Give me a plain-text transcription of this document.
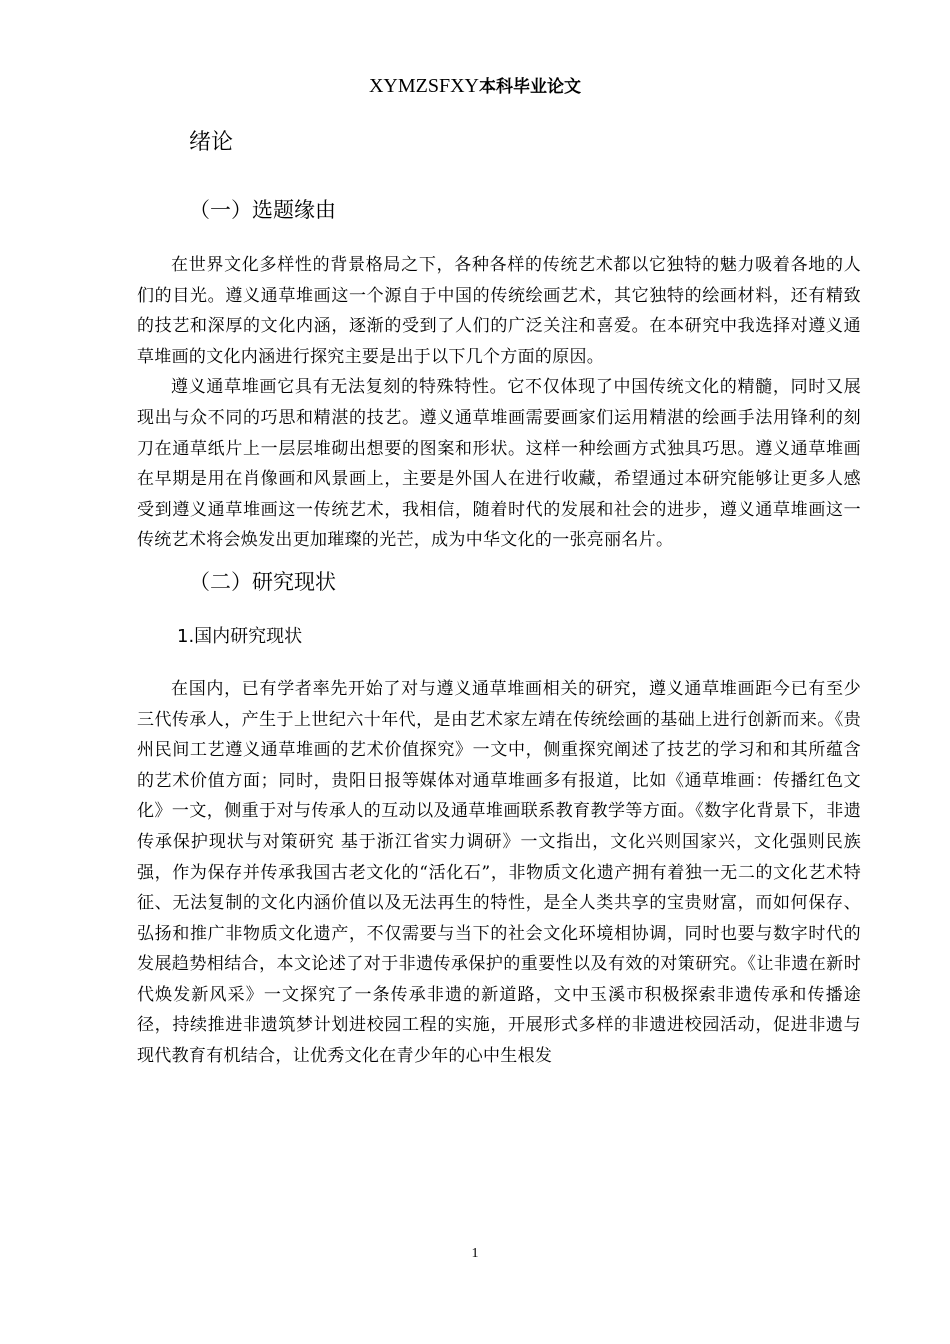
XYMZSFXY本科毕业论文
绪论
（一）选题缘由

在世界文化多样性的背景格局之下，各种各样的传统艺术都以它独特的魅力吸着各地的人们的目光。遵义通草堆画这一个源自于中国的传统绘画艺术，其它独特的绘画材料，还有精致的技艺和深厚的文化内涵，逐渐的受到了人们的广泛关注和喜爱。在本研究中我选择对遵义通草堆画的文化内涵进行探究主要是出于以下几个方面的原因。

遵义通草堆画它具有无法复刻的特殊特性。它不仅体现了中国传统文化的精髓，同时又展现出与众不同的巧思和精湛的技艺。遵义通草堆画需要画家们运用精湛的绘画手法用锋利的刻刀在通草纸片上一层层堆砌出想要的图案和形状。这样一种绘画方式独具巧思。遵义通草堆画在早期是用在肖像画和风景画上，主要是外国人在进行收藏，希望通过本研究能够让更多人感受到遵义通草堆画这一传统艺术，我相信，随着时代的发展和社会的进步，遵义通草堆画这一传统艺术将会焕发出更加璀璨的光芒，成为中华文化的一张亮丽名片。

（二）研究现状
1.国内研究现状

在国内，已有学者率先开始了对与遵义通草堆画相关的研究，遵义通草堆画距今已有至少三代传承人，产生于上世纪六十年代，是由艺术家左靖在传统绘画的基础上进行创新而来。《贵州民间工艺遵义通草堆画的艺术价值探究》一文中，侧重探究阐述了技艺的学习和和其所蕴含的艺术价值方面；同时，贵阳日报等媒体对通草堆画多有报道，比如《通草堆画：传播红色文化》一文，侧重于对与传承人的互动以及通草堆画联系教育教学等方面。《数字化背景下，非遗传承保护现状与对策研究 基于浙江省实力调研》一文指出，文化兴则国家兴，文化强则民族强，作为保存并传承我国古老文化的“活化石”，非物质文化遗产拥有着独一无二的文化艺术特征、无法复制的文化内涵价值以及无法再生的特性，是全人类共享的宝贵财富，而如何保存、弘扬和推广非物质文化遗产，不仅需要与当下的社会文化环境相协调，同时也要与数字时代的发展趋势相结合，本文论述了对于非遗传承保护的重要性以及有效的对策研究。《让非遗在新时代焕发新风采》一文探究了一条传承非遗的新道路，文中玉溪市积极探索非遗传承和传播途径，持续推进非遗筑梦计划进校园工程的实施，开展形式多样的非遗进校园活动，促进非遗与现代教育有机结合，让优秀文化在青少年的心中生根发

1
